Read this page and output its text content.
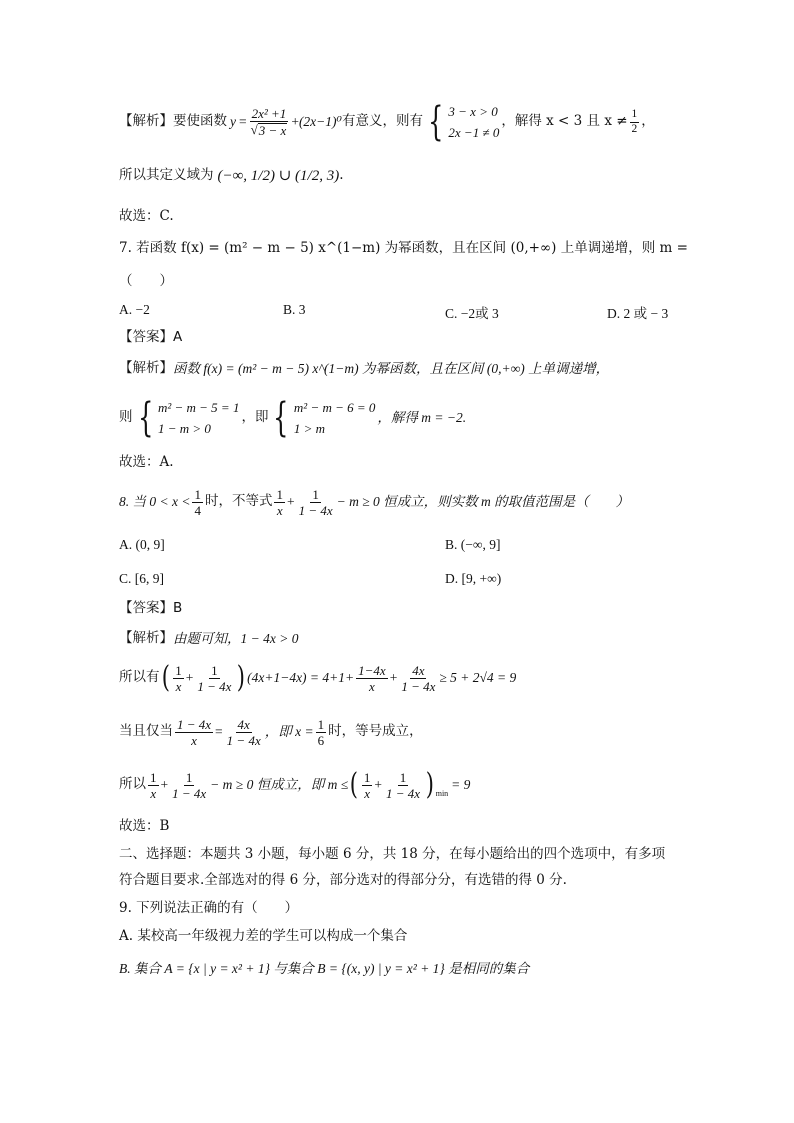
【解析】 要使函数 $y = \frac{\text{2x² +1}}{√ 3 - x} + (2x-1)^0$ 有意义，则有 { 3 − x > 0
2x −1 ≠ 0
，解得 x < 3 且 $x \ne \frac{1}{2}$ ，
所以其定义域为 (−∞, 1/2) ∪ (1/2, 3) .
故选：C.
7. 若函数 f(x) = (m² − m − 5) x^(1−m) 为幂函数，且在区间 (0,+∞) 上单调递增，则 m =
（　　）
A. −2	B. 3	C. −2或 3	D. 2 或 − 3
【答案】A
【解析】 函数 f(x) = (m² − m − 5) x^(1−m) 为幂函数，且在区间 (0,+∞) 上单调递增，
则 { m² − m − 5 = 1
1 − m > 0
，即 { m² − m − 6 = 0
1 > m
，解得 m = −2.
故选：A.
8. 当 $0 < x < \frac{1}{4}$ 时，不等式 $\frac{1}{x} + \frac{1}{1 - 4x} - m \ge 0$ 恒成立，则实数 m 的取值范围是（　　）
A. (0, 9]	B. (−∞, 9]
C. [6, 9]	D. [9, +∞)
【答案】B
【解析】 由题可知，1 − 4x > 0
所以有 ( $\frac{1}{x} + \frac{1}{1 - 4x}$ ) $(4x+1-4x) = 4+1+ \frac{1-4x}{x} + \frac{4x}{1 - 4x} \ge 5 + 2√4 = 9$
当且仅当 $\frac{1 - 4x}{x} = \frac{4x}{1 - 4x}$ ，即 $x = \frac{1}{6}$ 时，等号成立，
所以 $\frac{1}{x} + \frac{1}{1 - 4x} - m \ge 0$ 恒成立，即 m ≤ ( $\frac{1}{x} + \frac{1}{1 - 4x}$ ) min
= 9
故选：B
二、选择题：本题共 3 小题，每小题 6 分，共 18 分，在每小题给出的四个选项中，有多项
符合题目要求.全部选对的得 6 分，部分选对的得部分分，有选错的得 0 分.
9. 下列说法正确的有（　　）
A. 某校高一年级视力差的学生可以构成一个集合
B. 集合 A = {x | y = x² + 1} 与集合 B = {(x, y) | y = x² + 1} 是相同的集合
